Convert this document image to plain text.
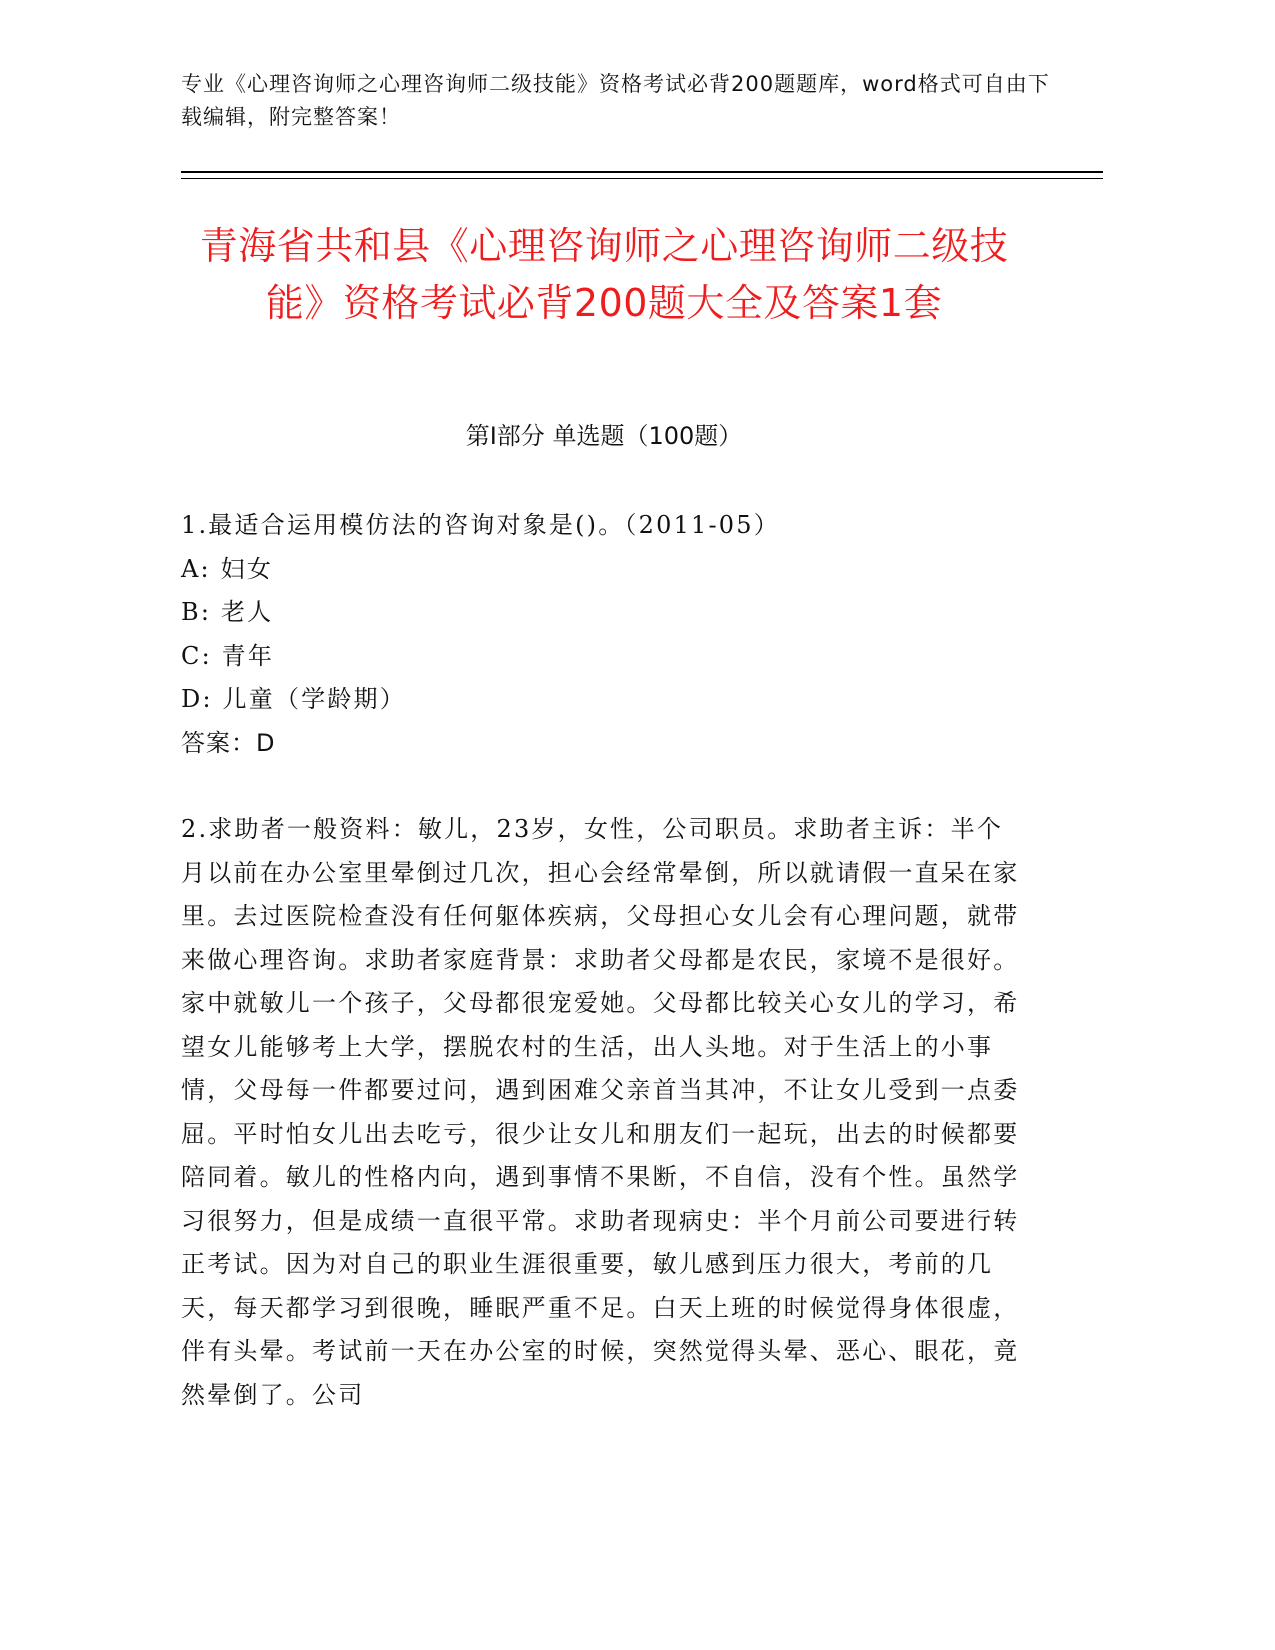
专业《心理咨询师之心理咨询师二级技能》资格考试必背200题题库，word格式可自由下载编辑，附完整答案！
青海省共和县《心理咨询师之心理咨询师二级技能》资格考试必背200题大全及答案1套
第Ⅰ部分 单选题（100题）
1.最适合运用模仿法的咨询对象是()。（2011-05）
A: 妇女
B: 老人
C: 青年
D: 儿童（学龄期）
答案：D
2.求助者一般资料：敏儿，23岁，女性，公司职员。求助者主诉：半个月以前在办公室里晕倒过几次，担心会经常晕倒，所以就请假一直呆在家里。去过医院检查没有任何躯体疾病，父母担心女儿会有心理问题，就带来做心理咨询。求助者家庭背景：求助者父母都是农民，家境不是很好。家中就敏儿一个孩子，父母都很宠爱她。父母都比较关心女儿的学习，希望女儿能够考上大学，摆脱农村的生活，出人头地。对于生活上的小事情，父母每一件都要过问，遇到困难父亲首当其冲，不让女儿受到一点委屈。平时怕女儿出去吃亏，很少让女儿和朋友们一起玩，出去的时候都要陪同着。敏儿的性格内向，遇到事情不果断，不自信，没有个性。虽然学习很努力，但是成绩一直很平常。求助者现病史：半个月前公司要进行转正考试。因为对自己的职业生涯很重要，敏儿感到压力很大，考前的几天，每天都学习到很晚，睡眠严重不足。白天上班的时候觉得身体很虚，伴有头晕。考试前一天在办公室的时候，突然觉得头晕、恶心、眼花，竟然晕倒了。公司
